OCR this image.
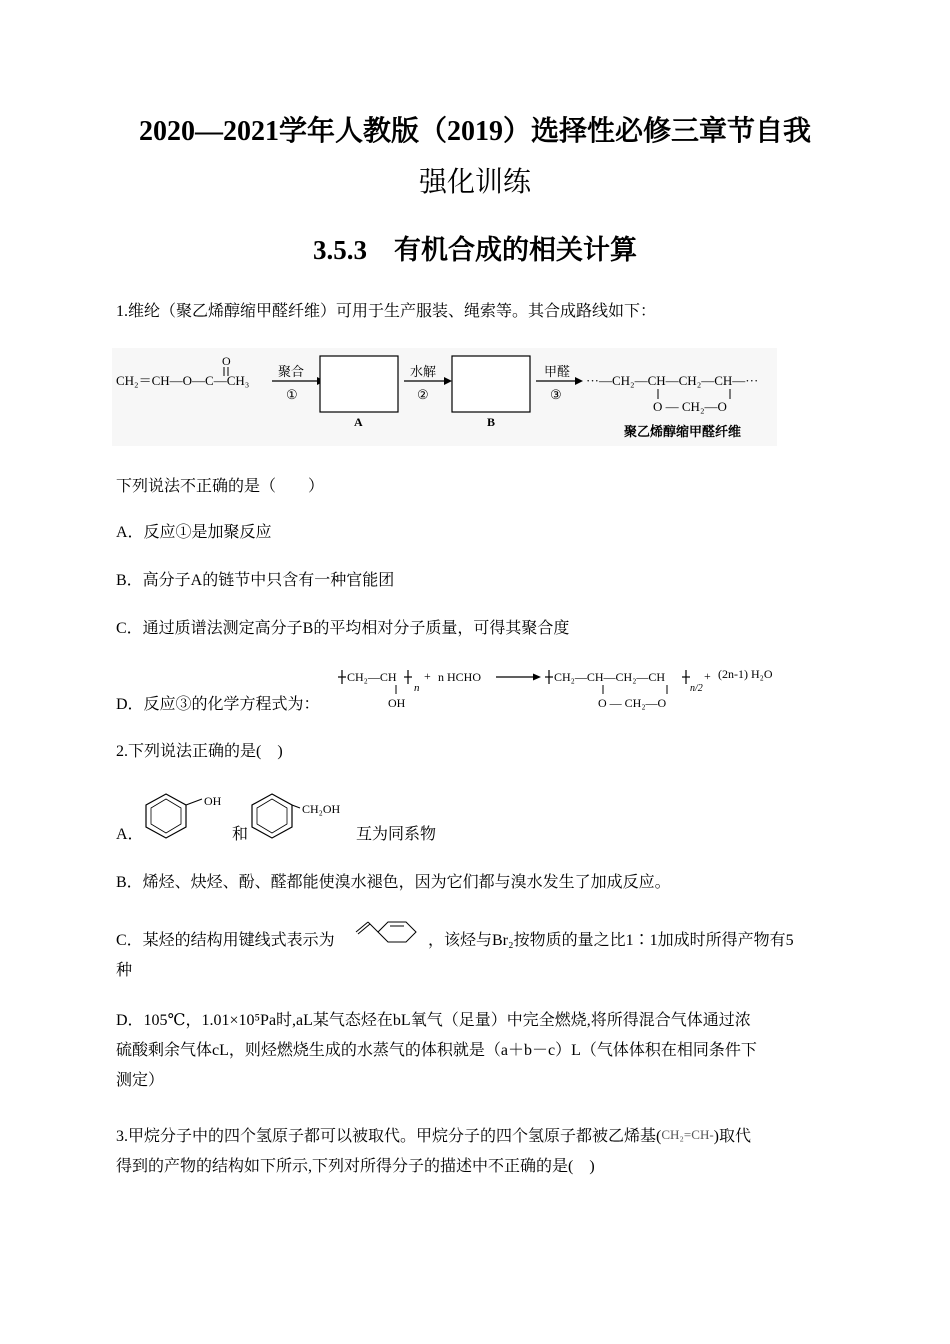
2020—2021学年人教版（2019）选择性必修三章节自我
强化训练
3.5.3　有机合成的相关计算
1.维纶（聚乙烯醇缩甲醛纤维）可用于生产服装、绳索等。其合成路线如下：
CH₂＝CH—O—C—CH₃
O
聚合
①
A
水解
②
B
甲醛
③
···—CH₂—CH—CH₂—CH—···
O — CH₂—O
聚乙烯醇缩甲醛纤维
下列说法不正确的是（　　）
A．反应①是加聚反应
B．高分子A的链节中只含有一种官能团
C．通过质谱法测定高分子B的平均相对分子质量，可得其聚合度
D．反应③的化学方程式为：
CH₂—CH
n
OH
+ n HCHO	CH₂—CH—CH₂—CH
O — CH₂—O
n/2
+ (2n-1) H₂O
2.下列说法正确的是(　)
A．
OH
和
CH₂OH
互为同系物
B．烯烃、炔烃、酚、醛都能使溴水褪色，因为它们都与溴水发生了加成反应。
C．某烃的结构用键线式表示为	，该烃与Br₂按物质的量之比1∶1加成时所得产物有5
种
D．105℃，1.01×10⁵Pa时,aL某气态烃在bL氧气（足量）中完全燃烧,将所得混合气体通过浓
硫酸剩余气体cL，则烃燃烧生成的水蒸气的体积就是（a＋b－c）L（气体体积在相同条件下
测定）
3.甲烷分子中的四个氢原子都可以被取代。甲烷分子的四个氢原子都被乙烯基(CH₂=CH-)取代
得到的产物的结构如下所示,下列对所得分子的描述中不正确的是(　)
